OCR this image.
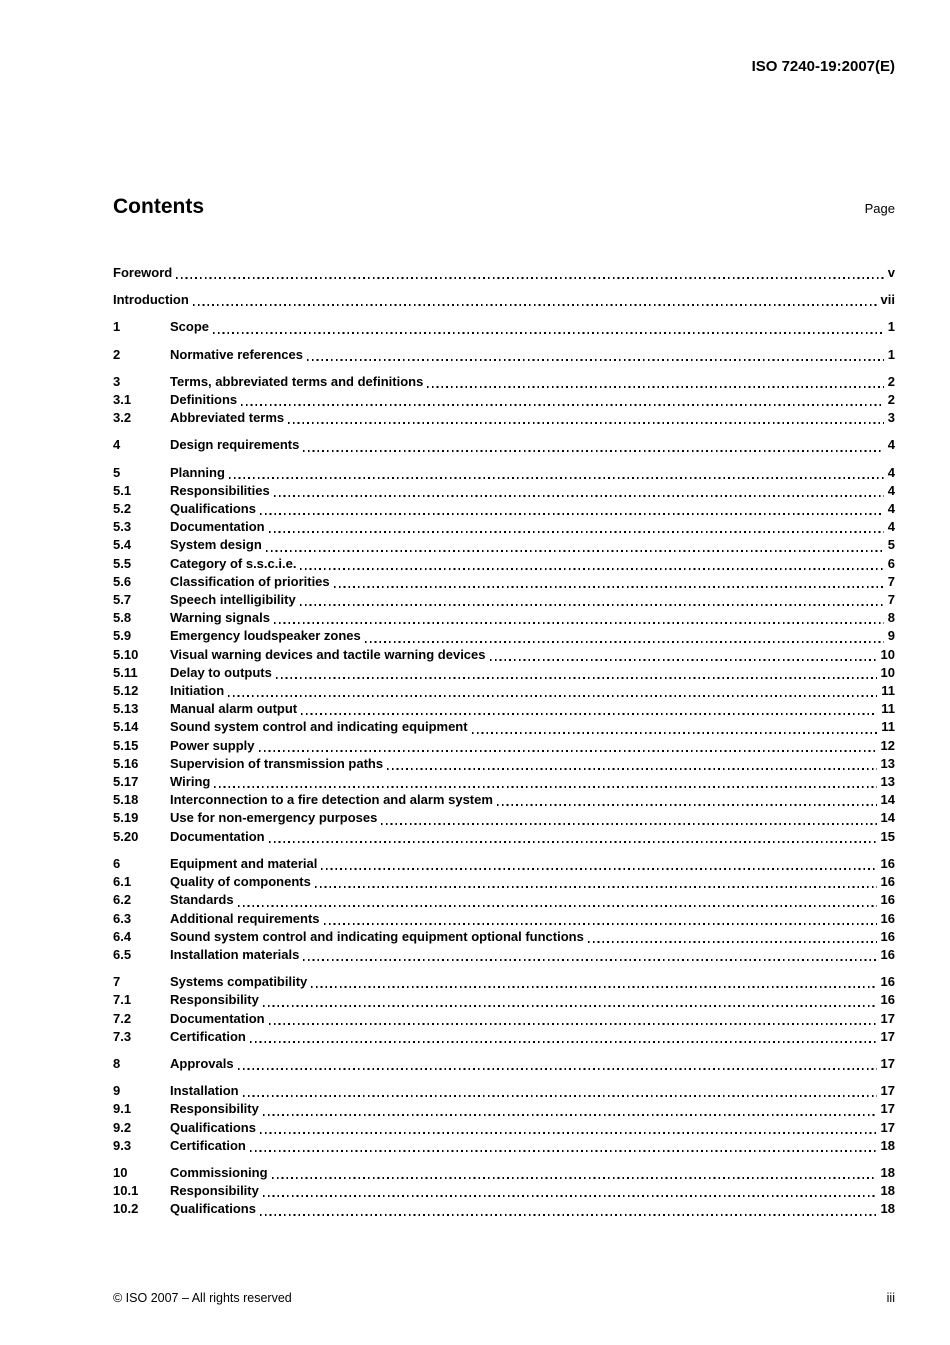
ISO 7240-19:2007(E)
Contents	Page
Foreword	v
Introduction	vii
1	Scope	1
2	Normative references	1
3	Terms, abbreviated terms and definitions	2
3.1	Definitions	2
3.2	Abbreviated terms	3
4	Design requirements	4
5	Planning	4
5.1	Responsibilities	4
5.2	Qualifications	4
5.3	Documentation	4
5.4	System design	5
5.5	Category of s.s.c.i.e.	6
5.6	Classification of priorities	7
5.7	Speech intelligibility	7
5.8	Warning signals	8
5.9	Emergency loudspeaker zones	9
5.10	Visual warning devices and tactile warning devices	10
5.11	Delay to outputs	10
5.12	Initiation	11
5.13	Manual alarm output	11
5.14	Sound system control and indicating equipment	11
5.15	Power supply	12
5.16	Supervision of transmission paths	13
5.17	Wiring	13
5.18	Interconnection to a fire detection and alarm system	14
5.19	Use for non-emergency purposes	14
5.20	Documentation	15
6	Equipment and material	16
6.1	Quality of components	16
6.2	Standards	16
6.3	Additional requirements	16
6.4	Sound system control and indicating equipment optional functions	16
6.5	Installation materials	16
7	Systems compatibility	16
7.1	Responsibility	16
7.2	Documentation	17
7.3	Certification	17
8	Approvals	17
9	Installation	17
9.1	Responsibility	17
9.2	Qualifications	17
9.3	Certification	18
10	Commissioning	18
10.1	Responsibility	18
10.2	Qualifications	18
© ISO 2007 – All rights reserved	iii
